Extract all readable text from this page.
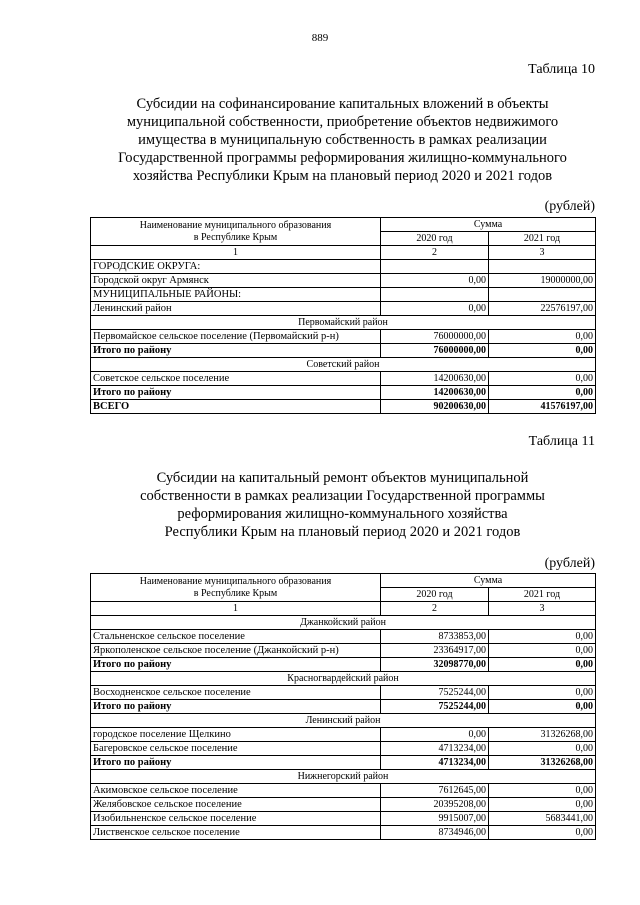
889
Таблица 10
Субсидии на софинансирование капитальных вложений в объекты
муниципальной собственности, приобретение объектов недвижимого
имущества в муниципальную собственность в рамках реализации
Государственной программы реформирования жилищно-коммунального
хозяйства Республики Крым на плановый период 2020 и 2021 годов
(рублей)
Наименование муниципального образования
в Республике Крым	Сумма	
	2020 год	2021 год
1	2	3
ГОРОДСКИЕ ОКРУГА:		
Городской округ Армянск	0,00	19000000,00
МУНИЦИПАЛЬНЫЕ РАЙОНЫ:		
Ленинский район	0,00	22576197,00
Первомайский район		
Первомайское сельское поселение (Первомайский р-н)	76000000,00	0,00
Итого по району	76000000,00	0,00
Советский район		
Советское сельское поселение	14200630,00	0,00
Итого по району	14200630,00	0,00
ВСЕГО	90200630,00	41576197,00
Таблица 11
Субсидии на капитальный ремонт объектов муниципальной
собственности в рамках реализации Государственной программы
реформирования жилищно-коммунального хозяйства
Республики Крым на плановый период 2020 и 2021 годов
(рублей)
Наименование муниципального образования
в Республике Крым	Сумма	
	2020 год	2021 год
1	2	3
Джанкойский район		
Стальненское сельское поселение	8733853,00	0,00
Яркополенское сельское поселение (Джанкойский р-н)	23364917,00	0,00
Итого по району	32098770,00	0,00
Красногвардейский район		
Восходненское сельское поселение	7525244,00	0,00
Итого по району	7525244,00	0,00
Ленинский район		
городское поселение Щелкино	0,00	31326268,00
Багеровское сельское поселение	4713234,00	0,00
Итого по району	4713234,00	31326268,00
Нижнегорский район		
Акимовское сельское поселение	7612645,00	0,00
Желябовское сельское поселение	20395208,00	0,00
Изобильненское сельское поселение	9915007,00	5683441,00
Лиственское сельское поселение	8734946,00	0,00
